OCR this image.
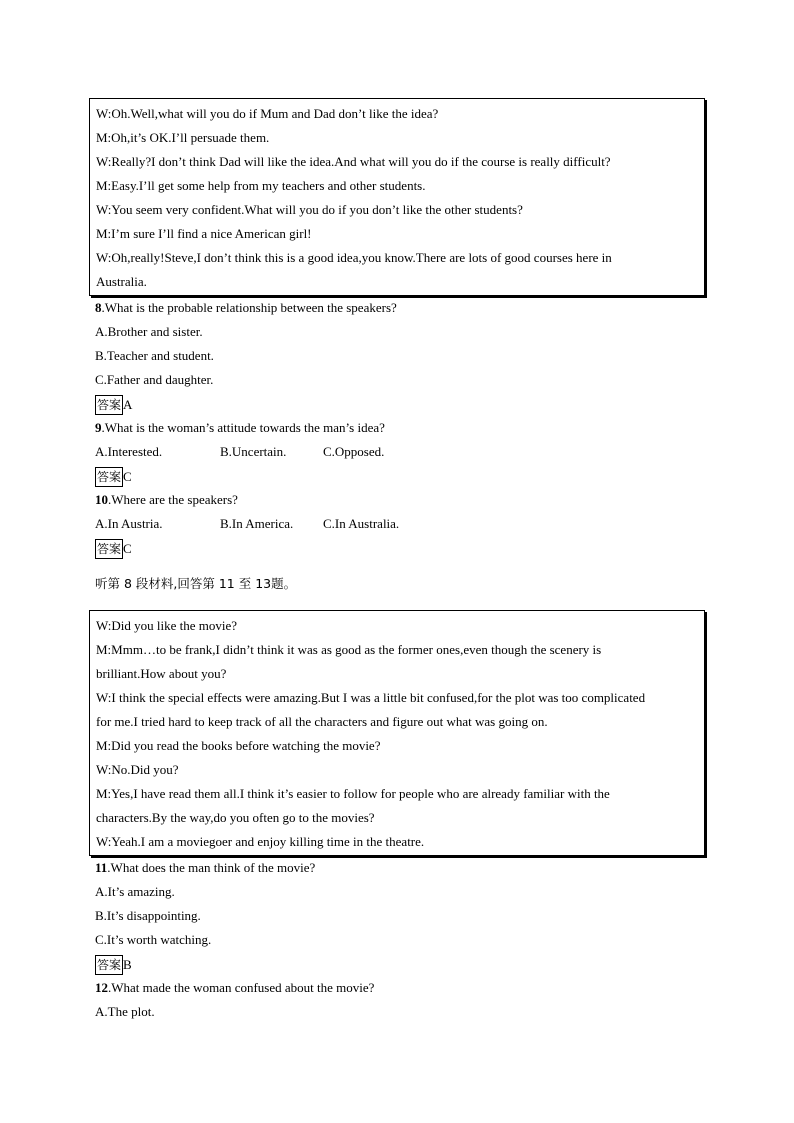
W:Oh.Well,what will you do if Mum and Dad don’t like the idea?
M:Oh,it’s OK.I’ll persuade them.
W:Really?I don’t think Dad will like the idea.And what will you do if the course is really difficult?
M:Easy.I’ll get some help from my teachers and other students.
W:You seem very confident.What will you do if you don’t like the other students?
M:I’m sure I’ll find a nice American girl!
W:Oh,really!Steve,I don’t think this is a good idea,you know.There are lots of good courses here in
Australia.
8.What is the probable relationship between the speakers?
A.Brother and sister.
B.Teacher and student.
C.Father and daughter.
答案 A
9.What is the woman’s attitude towards the man’s idea?
A.Interested.	B.Uncertain.	C.Opposed.
答案 C
10.Where are the speakers?
A.In Austria.	B.In America. C.In Australia.
答案 C
听第 8 段材料,回答第 11 至 13题。
W:Did you like the movie?
M:Mmm…to be frank,I didn’t think it was as good as the former ones,even though the scenery is
brilliant.How about you?
W:I think the special effects were amazing.But I was a little bit confused,for the plot was too complicated
for me.I tried hard to keep track of all the characters and figure out what was going on.
M:Did you read the books before watching the movie?
W:No.Did you?
M:Yes,I have read them all.I think it’s easier to follow for people who are already familiar with the
characters.By the way,do you often go to the movies?
W:Yeah.I am a moviegoer and enjoy killing time in the theatre.
11.What does the man think of the movie?
A.It’s amazing.
B.It’s disappointing.
C.It’s worth watching.
答案 B
12.What made the woman confused about the movie?
A.The plot.
